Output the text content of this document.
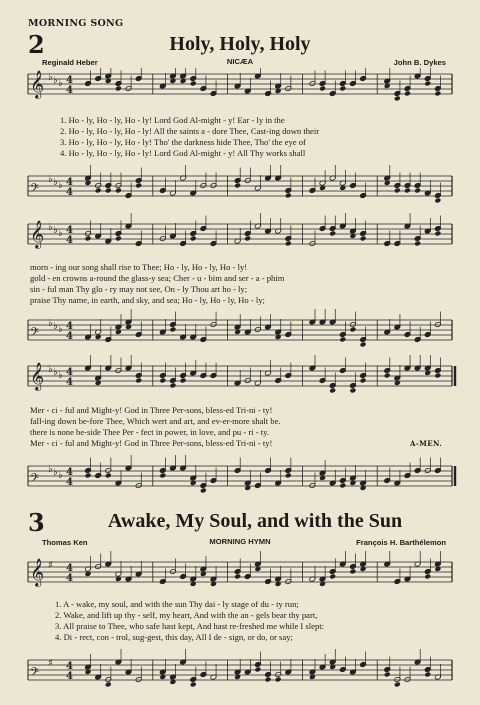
MORNING SONG
2	Holy, Holy, Holy
Reginald Heber	NICÆA	John B. Dykes
𝄞 ♭ ♭ ♭ 4
4
1. Ho - ly, Ho - ly, Ho - ly! Lord God Al-might - y! Ear - ly in the
2. Ho - ly, Ho - ly, Ho - ly! All the saints a - dore Thee, Cast-ing down their
3. Ho - ly, Ho - ly, Ho - ly! Tho' the darkness hide Thee, Tho' the eye of
4. Ho - ly, Ho - ly, Ho - ly! Lord God Al-might - y! All Thy works shall
𝄢
♭ ♭ ♭ 4
4
𝄞 ♭ ♭ ♭ 4
4
morn - ing our song shall rise to Thee; Ho - ly, Ho - ly, Ho - ly!
gold - en crowns a-round the glass-y sea; Cher - u - bim and ser - a - phim
sin - ful man Thy glo - ry may not see, On - ly Thou art ho - ly;
praise Thy name, in earth, and sky, and sea; Ho - ly, Ho - ly, Ho - ly;
𝄢
♭ ♭ ♭ 4
4
𝄞 ♭ ♭ ♭ 4
4
Mer - ci - ful and Might-y! God in Three Per-sons, bless-ed Tri-ni - ty!
fall-ing down be-fore Thee, Which wert and art, and ev-er-more shalt be.
there is none be-side Thee Per - fect in power, in love, and pu - ri - ty.
Mer - ci - ful and Might-y! God in Three Per-sons, bless-ed Tri-ni - ty!	A-MEN.
𝄢
♭ ♭ ♭ 4
4
3	Awake, My Soul, and with the Sun
Thomas Ken	MORNING HYMN	François H. Barthélemon
𝄞 ♯ 4
4
1. A - wake, my soul, and with the sun Thy dai - ly stage of du - ty run;
2. Wake, and lift up thy - self, my heart, And with the an - gels bear thy part,
3. All praise to Thee, who safe hast kept, And hast re-freshed me while I slept:
4. Di - rect, con - trol, sug-gest, this day, All I de - sign, or do, or say;
𝄢
♯ 4
4
